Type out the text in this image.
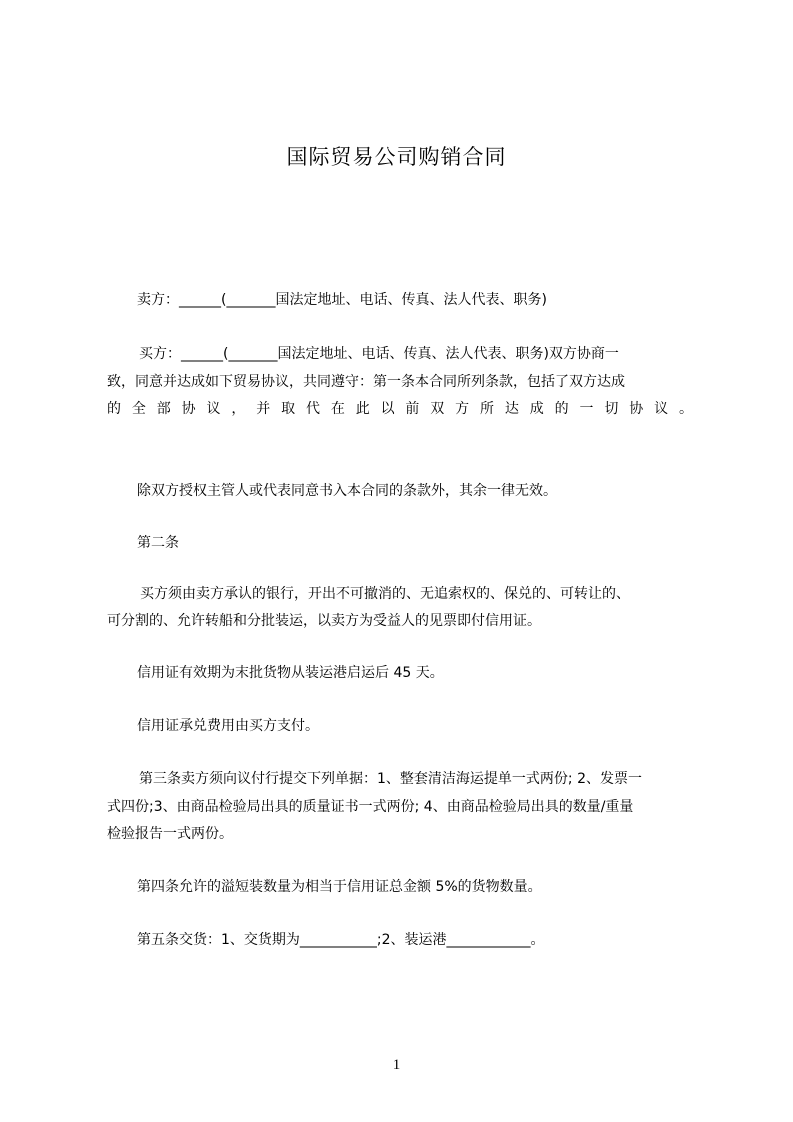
国际贸易公司购销合同
卖方：______(_______国法定地址、电话、传真、法人代表、职务)
买方：______(_______国法定地址、电话、传真、法人代表、职务)双方协商一
致，同意并达成如下贸易协议，共同遵守：第一条本合同所列条款，包括了双方达成
的全部协议，并取代在此以前双方所达成的一切协议。
除双方授权主管人或代表同意书入本合同的条款外，其余一律无效。
第二条
买方须由卖方承认的银行，开出不可撤消的、无追索权的、保兑的、可转让的、
可分割的、允许转船和分批装运，以卖方为受益人的见票即付信用证。
信用证有效期为末批货物从装运港启运后 45 天。
信用证承兑费用由买方支付。
第三条卖方须向议付行提交下列单据：1、整套清洁海运提单一式两份; 2、发票一
式四份;3、由商品检验局出具的质量证书一式两份; 4、由商品检验局出具的数量/重量
检验报告一式两份。
第四条允许的溢短装数量为相当于信用证总金额 5%的货物数量。
第五条交货：1、交货期为___________;2、装运港____________。
1
